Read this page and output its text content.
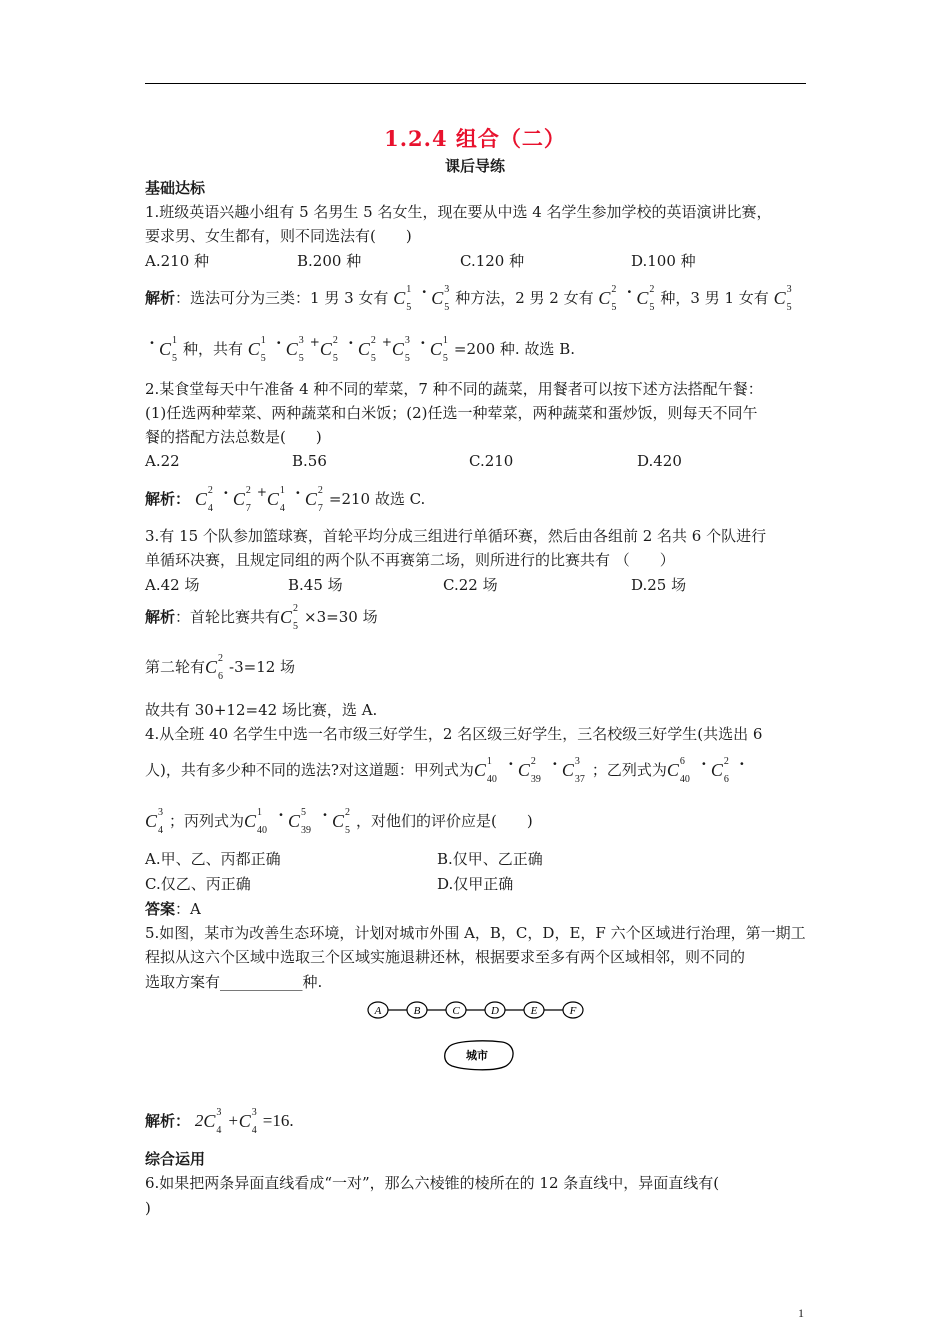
1.2.4 组合（二）
课后导练
基础达标
1.班级英语兴趣小组有 5 名男生 5 名女生，现在要从中选 4 名学生参加学校的英语演讲比赛，
要求男、女生都有，则不同选法有(　　)
A.210 种	B.200 种	C.120 种	D.100 种
解析：选法可分为三类：1 男 3 女有 C 1
5
· C 3
5
种方法，2 男 2 女有 C 2
5
· C 2
5
种，3 男 1 女有 C 3
5
· C 1
5
种，共有 C 1
5
· C 3
5
+ C 2
5
· C 2
5
+ C 3
5
· C 1
5
=200 种. 故选 B.
2.某食堂每天中午准备 4 种不同的荤菜，7 种不同的蔬菜，用餐者可以按下述方法搭配午餐：
(1)任选两种荤菜、两种蔬菜和白米饭；(2)任选一种荤菜，两种蔬菜和蛋炒饭，则每天不同午
餐的搭配方法总数是(　　)
A.22	B.56	C.210	D.420
解析： C 2
4
· C 2
7
+ C 1
4
· C 2
7
=210 故选 C.
3.有 15 个队参加篮球赛，首轮平均分成三组进行单循环赛，然后由各组前 2 名共 6 个队进行
单循环决赛，且规定同组的两个队不再赛第二场，则所进行的比赛共有 （　　）
A.42 场	B.45 场	C.22 场	D.25 场
解析：首轮比赛共有 C 2
5
×3=30 场
第二轮有 C 2
6
-3=12 场
故共有 30+12=42 场比赛，选 A.
4.从全班 40 名学生中选一名市级三好学生，2 名区级三好学生，三名校级三好学生(共选出 6
人)，共有多少种不同的选法?对这道题：甲列式为 C 1
40
· C 2
39
· C 3
37
；乙列式为 C 6
40
· C 2
6
·
C 3
4
；丙列式为 C 1
40
· C 5
39
· C 2
5
，对他们的评价应是(　　)
A.甲、乙、丙都正确	B.仅甲、乙正确
C.仅乙、丙正确	D.仅甲正确
答案：A
5.如图，某市为改善生态环境，计划对城市外围 A，B，C，D，E，F 六个区域进行治理，第一期工
程拟从这六个区域中选取三个区域实施退耕还林，根据要求至多有两个区域相邻，则不同的
选取方案有___________种.
A	B	C	D	E	F
城市
解析： 2 C 3
4
+ C 3
4
=16.
综合运用
6.如果把两条异面直线看成“一对”，那么六棱锥的棱所在的 12 条直线中，异面直线有(
)
1
